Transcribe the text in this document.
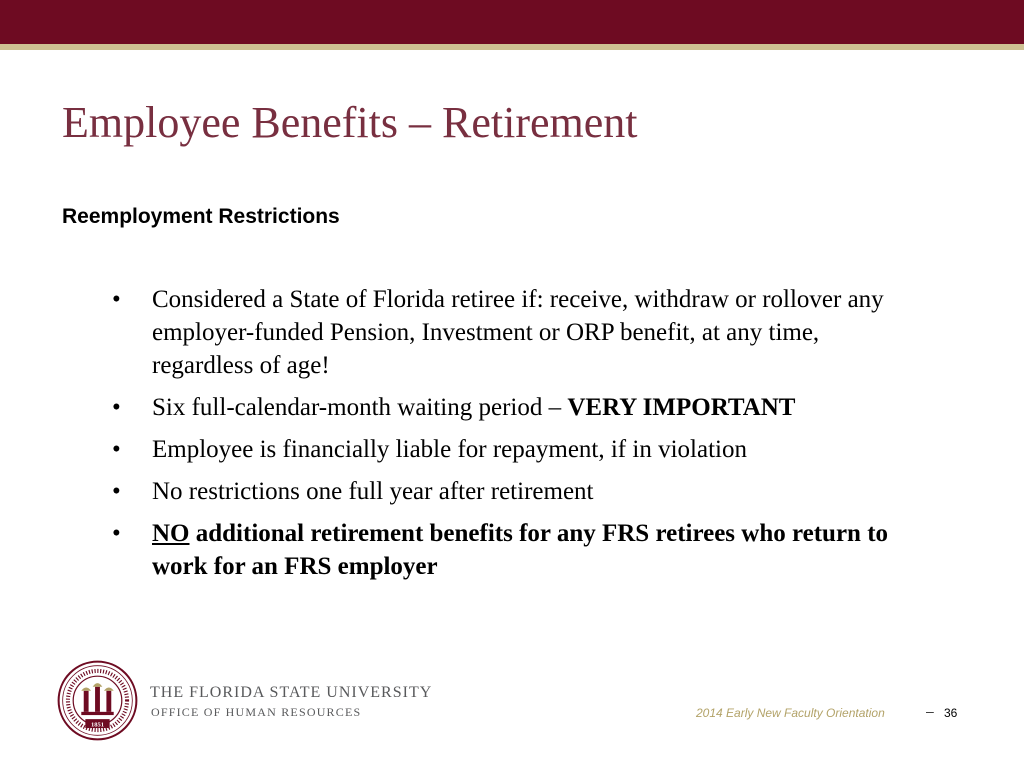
Employee Benefits – Retirement
Reemployment Restrictions
• Considered a State of Florida retiree if: receive, withdraw or rollover any employer-funded Pension, Investment or ORP benefit, at any time, regardless of age!
• Six full-calendar-month waiting period – VERY IMPORTANT
• Employee is financially liable for repayment, if in violation
• No restrictions one full year after retirement
• NO additional retirement benefits for any FRS retirees who return to work for an FRS employer
1851
THE FLORIDA STATE UNIVERSITY
OFFICE OF HUMAN RESOURCES	2014 Early New Faculty Orientation	– 36
